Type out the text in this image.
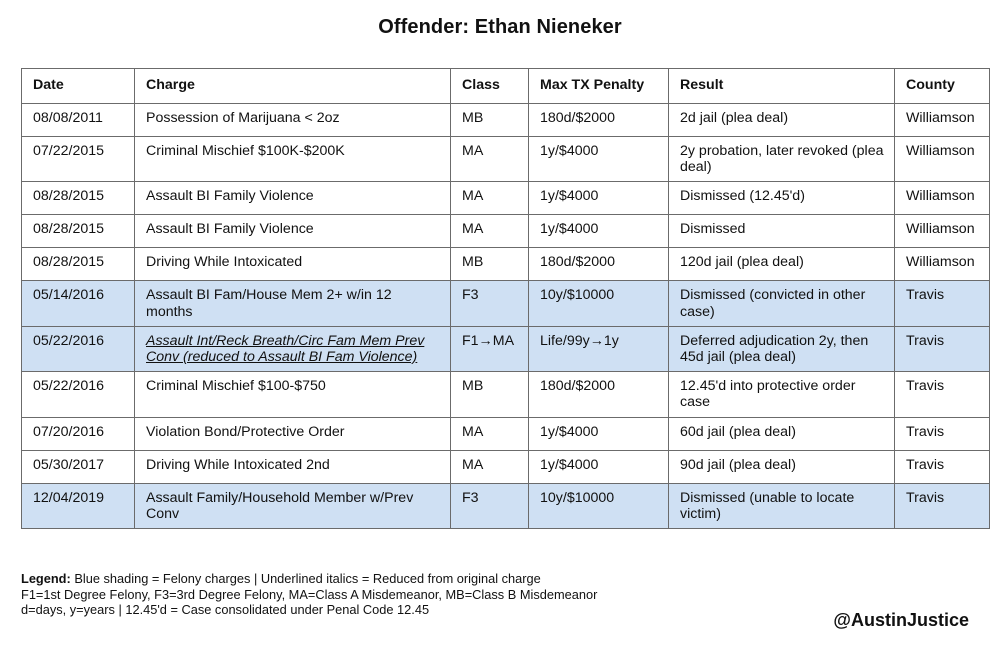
Offender: Ethan Nieneker
Date	Charge	Class	Max TX Penalty	Result	County
08/08/2011	Possession of Marijuana < 2oz	MB	180d/$2000	2d jail (plea deal)	Williamson
07/22/2015	Criminal Mischief $100K-$200K	MA	1y/$4000	2y probation, later revoked (plea deal)	Williamson
08/28/2015	Assault BI Family Violence	MA	1y/$4000	Dismissed (12.45'd)	Williamson
08/28/2015	Assault BI Family Violence	MA	1y/$4000	Dismissed	Williamson
08/28/2015	Driving While Intoxicated	MB	180d/$2000	120d jail (plea deal)	Williamson
05/14/2016	Assault BI Fam/House Mem 2+ w/in 12 months	F3	10y/$10000	Dismissed (convicted in other case)	Travis
05/22/2016	Assault Int/Reck Breath/Circ Fam Mem Prev Conv (reduced to Assault BI Fam Violence)	F1→MA	Life/99y→1y	Deferred adjudication 2y, then 45d jail (plea deal)	Travis
05/22/2016	Criminal Mischief $100-$750	MB	180d/$2000	12.45'd into protective order case	Travis
07/20/2016	Violation Bond/Protective Order	MA	1y/$4000	60d jail (plea deal)	Travis
05/30/2017	Driving While Intoxicated 2nd	MA	1y/$4000	90d jail (plea deal)	Travis
12/04/2019	Assault Family/Household Member w/Prev Conv	F3	10y/$10000	Dismissed (unable to locate victim)	Travis
Legend: Blue shading = Felony charges | Underlined italics = Reduced from original charge
F1=1st Degree Felony, F3=3rd Degree Felony, MA=Class A Misdemeanor, MB=Class B Misdemeanor
d=days, y=years | 12.45'd = Case consolidated under Penal Code 12.45
@AustinJustice
